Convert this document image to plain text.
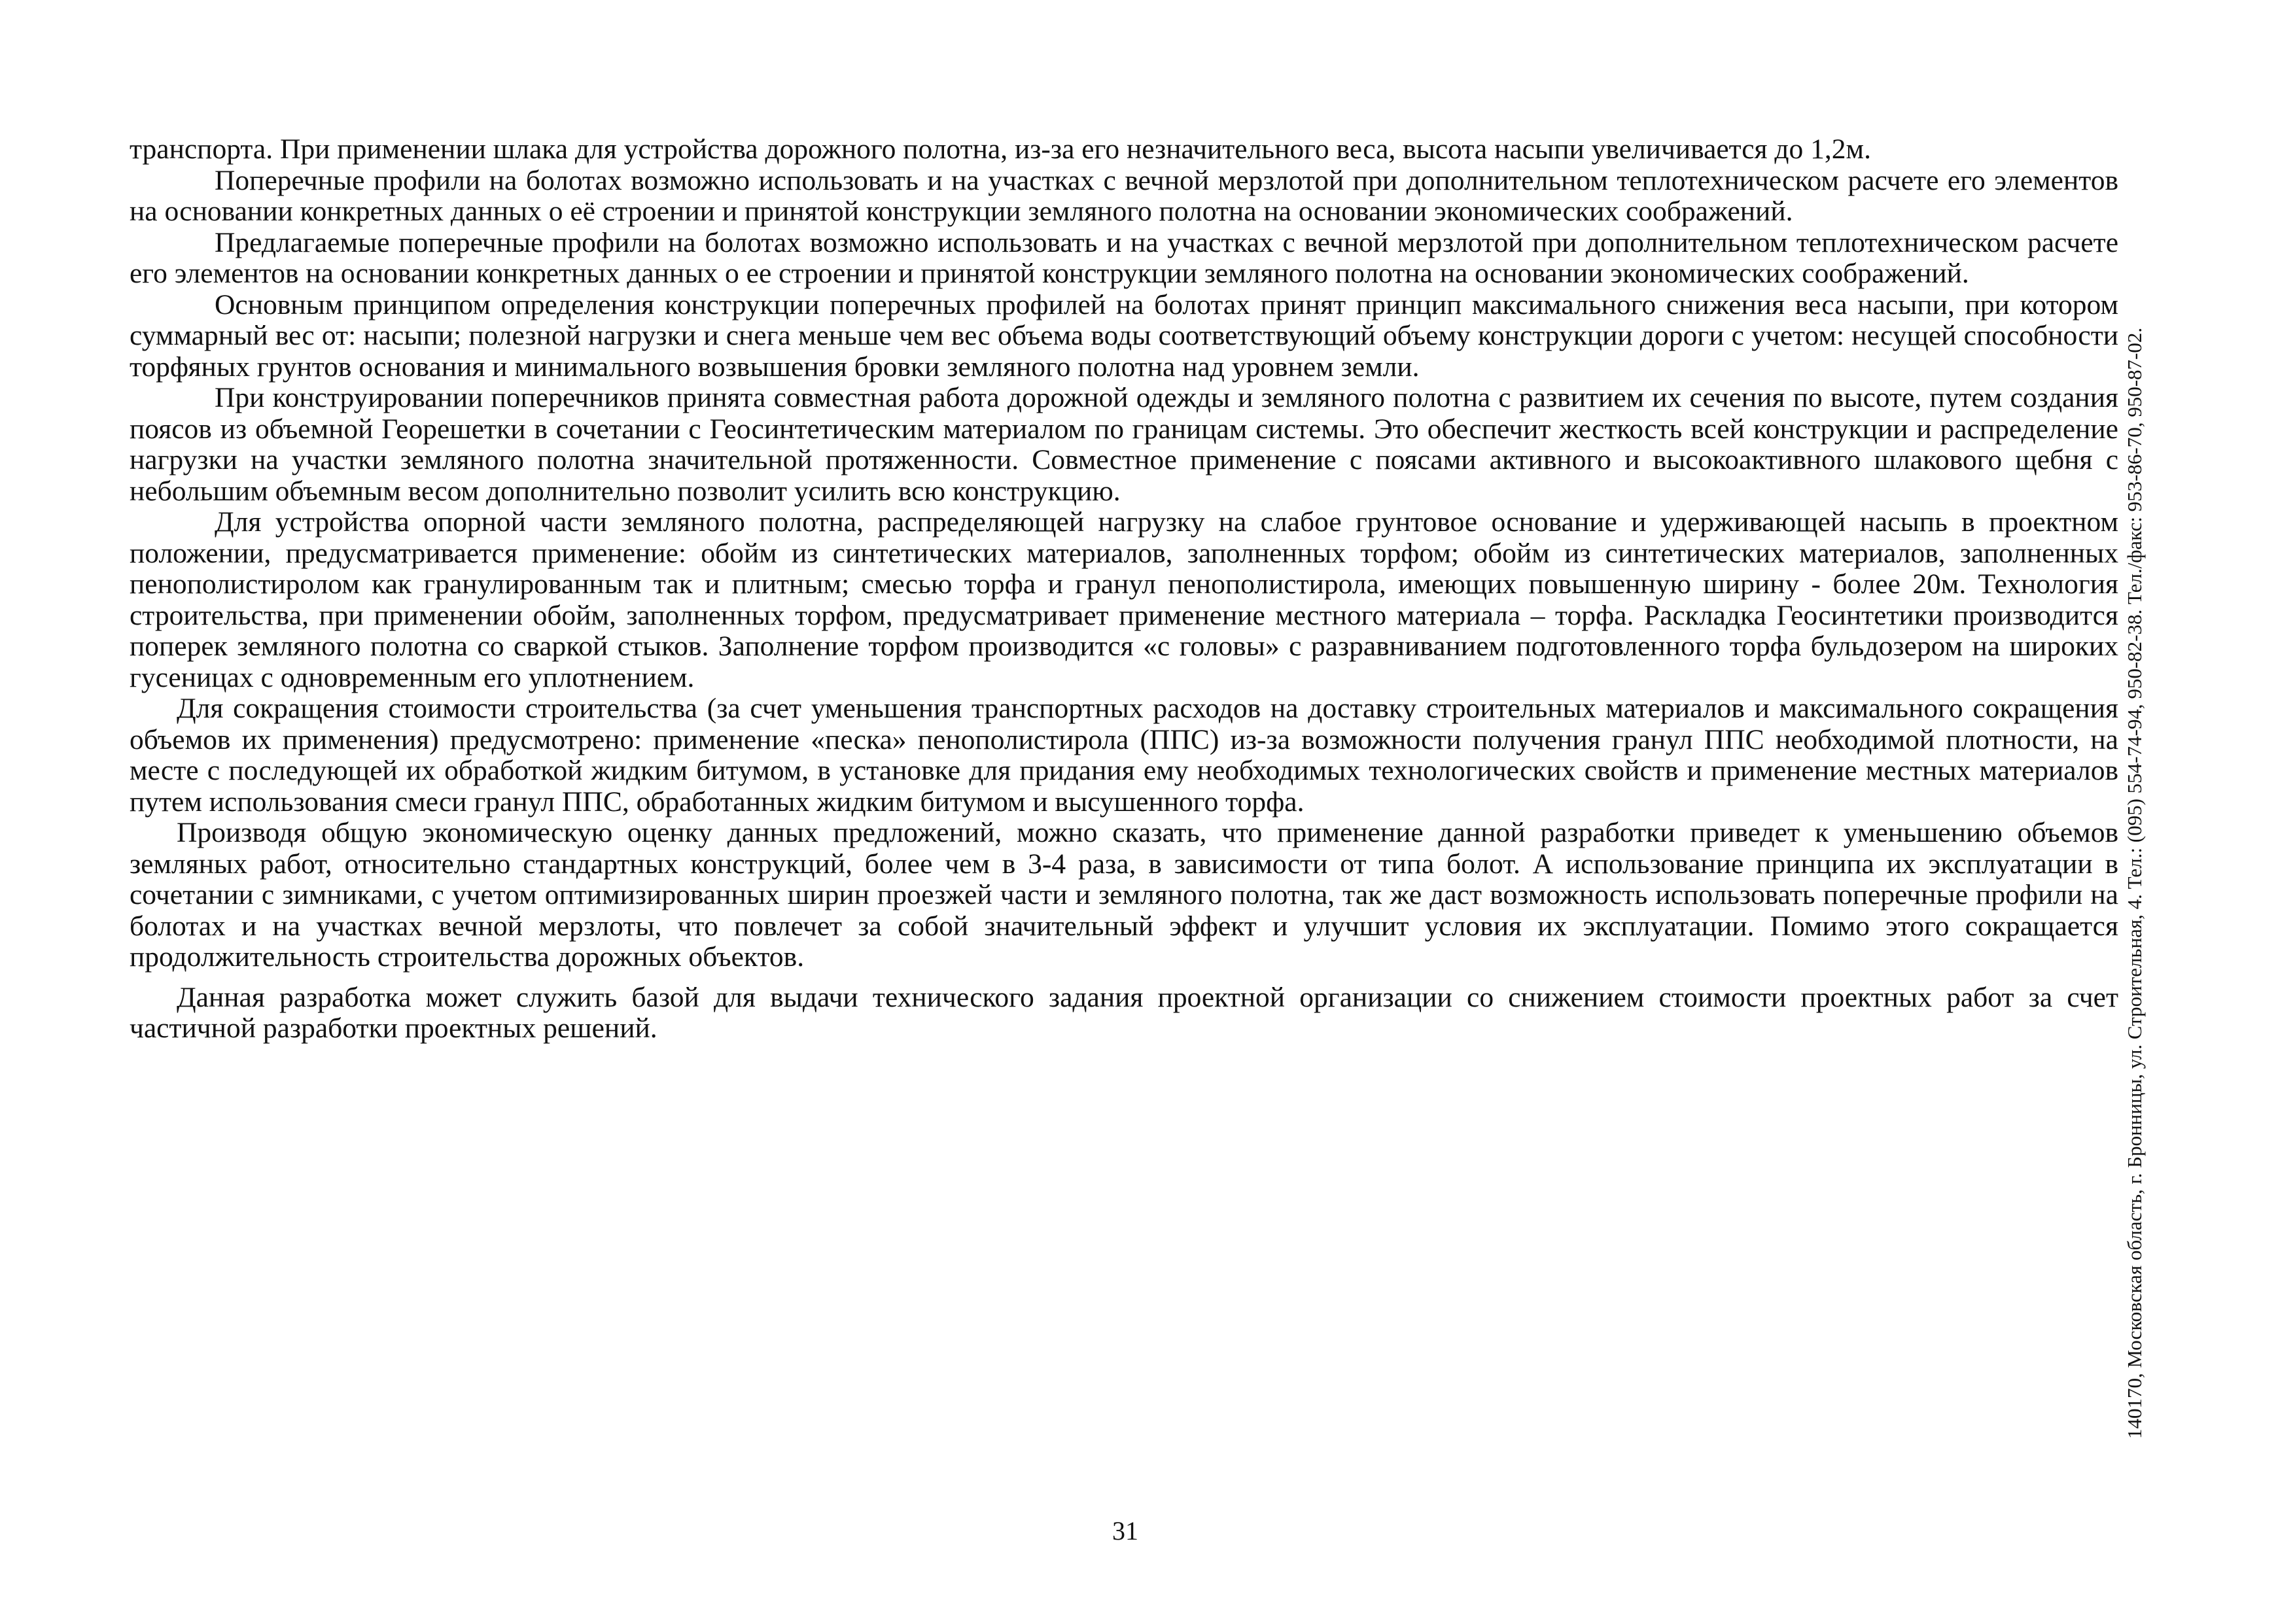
транспорта. При применении шлака для устройства дорожного полотна, из-за его незначительного веса, высота насыпи увеличивается до 1,2м.

Поперечные профили на болотах возможно использовать и на участках с вечной мерзлотой при дополнительном теплотехническом расчете его элементов на основании конкретных данных о её строении и принятой конструкции земляного полотна на основании экономических соображений.

Предлагаемые поперечные профили на болотах возможно использовать и на участках с вечной мерзлотой при дополнительном теплотехническом расчете его элементов на основании конкретных данных о ее строении и принятой конструкции земляного полотна на основании экономических соображений.

Основным принципом определения конструкции поперечных профилей на болотах принят принцип максимального снижения веса насыпи, при котором суммарный вес от: насыпи; полезной нагрузки и снега меньше чем вес объема воды соответствующий объему конструкции дороги с учетом: несущей способности торфяных грунтов основания и минимального возвышения бровки земляного полотна над уровнем земли.

При конструировании поперечников принята совместная работа дорожной одежды и земляного полотна с развитием их сечения по высоте, путем создания поясов из объемной Георешетки в сочетании с Геосинтетическим материалом по границам системы. Это обеспечит жесткость всей конструкции и распределение нагрузки на участки земляного полотна значительной протяженности. Совместное применение с поясами активного и высокоактивного шлакового щебня с небольшим объемным весом дополнительно позволит усилить всю конструкцию.

Для устройства опорной части земляного полотна, распределяющей нагрузку на слабое грунтовое основание и удерживающей насыпь в проектном положении, предусматривается применение: обойм из синтетических материалов, заполненных торфом; обойм из синтетических материалов, заполненных пенополистиролом как гранулированным так и плитным; смесью торфа и гранул пенополистирола, имеющих повышенную ширину - более 20м. Технология строительства, при применении обойм, заполненных торфом, предусматривает применение местного материала – торфа. Раскладка Геосинтетики производится поперек земляного полотна со сваркой стыков. Заполнение торфом производится «с головы» с разравниванием подготовленного торфа бульдозером на широких гусеницах с одновременным его уплотнением.

Для сокращения стоимости строительства (за счет уменьшения транспортных расходов на доставку строительных материалов и максимального сокращения объемов их применения) предусмотрено: применение «песка» пенополистирола (ППС) из-за возможности получения гранул ППС необходимой плотности, на месте с последующей их обработкой жидким битумом, в установке для придания ему необходимых технологических свойств и применение местных материалов путем использования смеси гранул ППС, обработанных жидким битумом и высушенного торфа.

Производя общую экономическую оценку данных предложений, можно сказать, что применение данной разработки приведет к уменьшению объемов земляных работ, относительно стандартных конструкций, более чем в 3-4 раза, в зависимости от типа болот. А использование принципа их эксплуатации в сочетании с зимниками, с учетом оптимизированных ширин проезжей части и земляного полотна, так же даст возможность использовать поперечные профили на болотах и на участках вечной мерзлоты, что повлечет за собой значительный эффект и улучшит условия их эксплуатации. Помимо этого сокращается продолжительность строительства дорожных объектов.

Данная разработка может служить базой для выдачи технического задания проектной организации со снижением стоимости проектных работ за счет частичной разработки проектных решений.	140170, Московская область, г. Бронницы, ул. Строительная, 4. Тел.: (095) 554-74-94, 950-82-38. Тел./факс: 953-86-70, 950-87-02.
31
